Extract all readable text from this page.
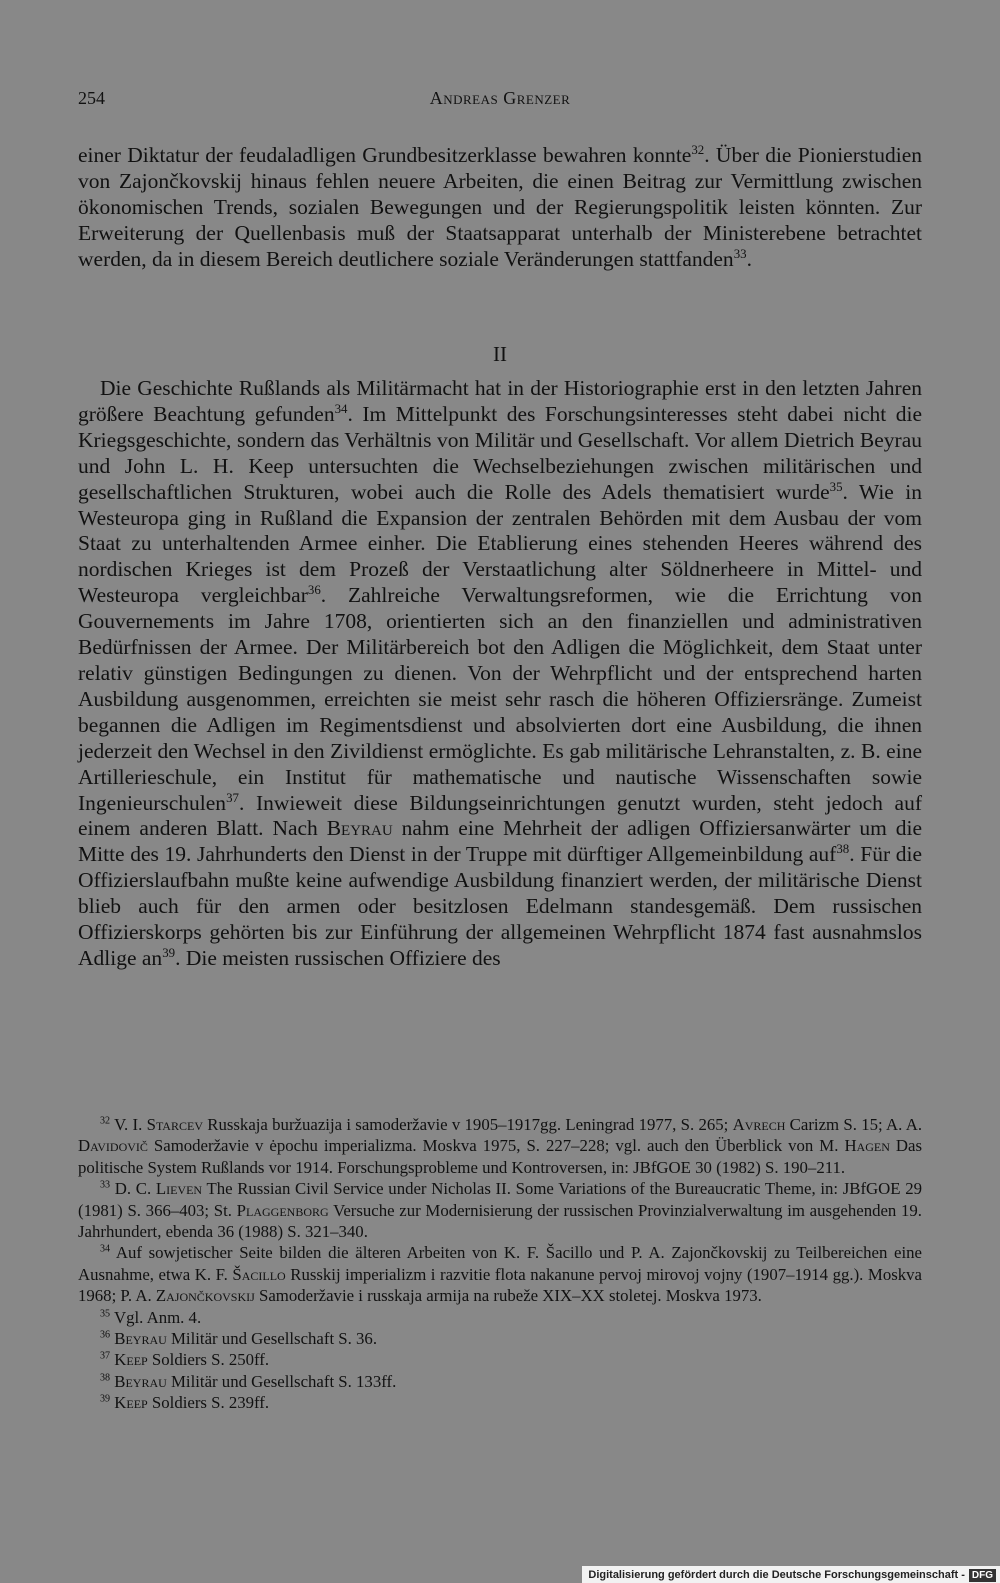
254	Andreas Grenzer

einer Diktatur der feudaladligen Grundbesitzerklasse bewahren konnte$^{32}$. Über die Pionierstudien von Zajončkovskij hinaus fehlen neuere Arbeiten, die einen Beitrag zur Vermittlung zwischen ökonomischen Trends, sozialen Bewegungen und der Regierungspolitik leisten könnten. Zur Erweiterung der Quellenbasis muß der Staatsapparat unterhalb der Ministerebene betrachtet werden, da in diesem Bereich deutlichere soziale Veränderungen stattfanden$^{33}$.

II

Die Geschichte Rußlands als Militärmacht hat in der Historiographie erst in den letzten Jahren größere Beachtung gefunden$^{34}$. Im Mittelpunkt des Forschungsinteresses steht dabei nicht die Kriegsgeschichte, sondern das Verhältnis von Militär und Gesellschaft. Vor allem Dietrich Beyrau und John L. H. Keep untersuchten die Wechselbeziehungen zwischen militärischen und gesellschaftlichen Strukturen, wobei auch die Rolle des Adels thematisiert wurde$^{35}$. Wie in Westeuropa ging in Rußland die Expansion der zentralen Behörden mit dem Ausbau der vom Staat zu unterhaltenden Armee einher. Die Etablierung eines stehenden Heeres während des nordischen Krieges ist dem Prozeß der Verstaatlichung alter Söldnerheere in Mittel- und Westeuropa vergleichbar$^{36}$. Zahlreiche Verwaltungsreformen, wie die Errichtung von Gouvernements im Jahre 1708, orientierten sich an den finanziellen und administrativen Bedürfnissen der Armee. Der Militärbereich bot den Adligen die Möglichkeit, dem Staat unter relativ günstigen Bedingungen zu dienen. Von der Wehrpflicht und der entsprechend harten Ausbildung ausgenommen, erreichten sie meist sehr rasch die höheren Offiziersränge. Zumeist begannen die Adligen im Regimentsdienst und absolvierten dort eine Ausbildung, die ihnen jederzeit den Wechsel in den Zivildienst ermöglichte. Es gab militärische Lehranstalten, z. B. eine Artillerieschule, ein Institut für mathematische und nautische Wissenschaften sowie Ingenieurschulen$^{37}$. Inwieweit diese Bildungseinrichtungen genutzt wurden, steht jedoch auf einem anderen Blatt. Nach Beyrau nahm eine Mehrheit der adligen Offiziersanwärter um die Mitte des 19. Jahrhunderts den Dienst in der Truppe mit dürftiger Allgemeinbildung auf$^{38}$. Für die Offizierslaufbahn mußte keine aufwendige Ausbildung finanziert werden, der militärische Dienst blieb auch für den armen oder besitzlosen Edelmann standesgemäß. Dem russischen Offizierskorps gehörten bis zur Einführung der allgemeinen Wehrpflicht 1874 fast ausnahmslos Adlige $an^{39}$. Die meisten russischen Offiziere des

$^{32}$ V. I. Starcev Russkaja buržuazija i samoderžavie v 1905–1917gg. Leningrad 1977, S. 265; Avrech Carizm S. 15; A. A. Davidovič Samoderžavie v ėpochu imperializma. Moskva 1975, S. 227–228; vgl. auch den Überblick von M. Hagen Das politische System Rußlands vor 1914. Forschungsprobleme und Kontroversen, in: JBfGOE 30 (1982) S. 190–211.

$^{33}$ D. C. Lieven The Russian Civil Service under Nicholas II. Some Variations of the Bureaucratic Theme, in: JBfGOE 29 (1981) S. 366–403; St. Plaggenborg Versuche zur Modernisierung der russischen Provinzialverwaltung im ausgehenden 19. Jahrhundert, ebenda 36 (1988) S. 321–340.

$^{34}$ Auf sowjetischer Seite bilden die älteren Arbeiten von K. F. Šacillo und P. A. Zajončkovskij zu Teilbereichen eine Ausnahme, etwa K. F. Šacillo Russkij imperializm i razvitie flota nakanune pervoj mirovoj vojny (1907–1914 gg.). Moskva 1968; P. A. Zajončkovskij Samoderžavie i russkaja armija na rubeže XIX–XX stoletej. Moskva 1973.

$^{35}$ Vgl. Anm. 4.

$^{36}$ Beyrau Militär und Gesellschaft S. 36.

$^{37}$ Keep Soldiers S. 250ff.

$^{38}$ Beyrau Militär und Gesellschaft S. 133ff.

$^{39}$ Keep Soldiers S. 239ff.

Digitalisierung gefördert durch die Deutsche Forschungsgemeinschaft - DFG
